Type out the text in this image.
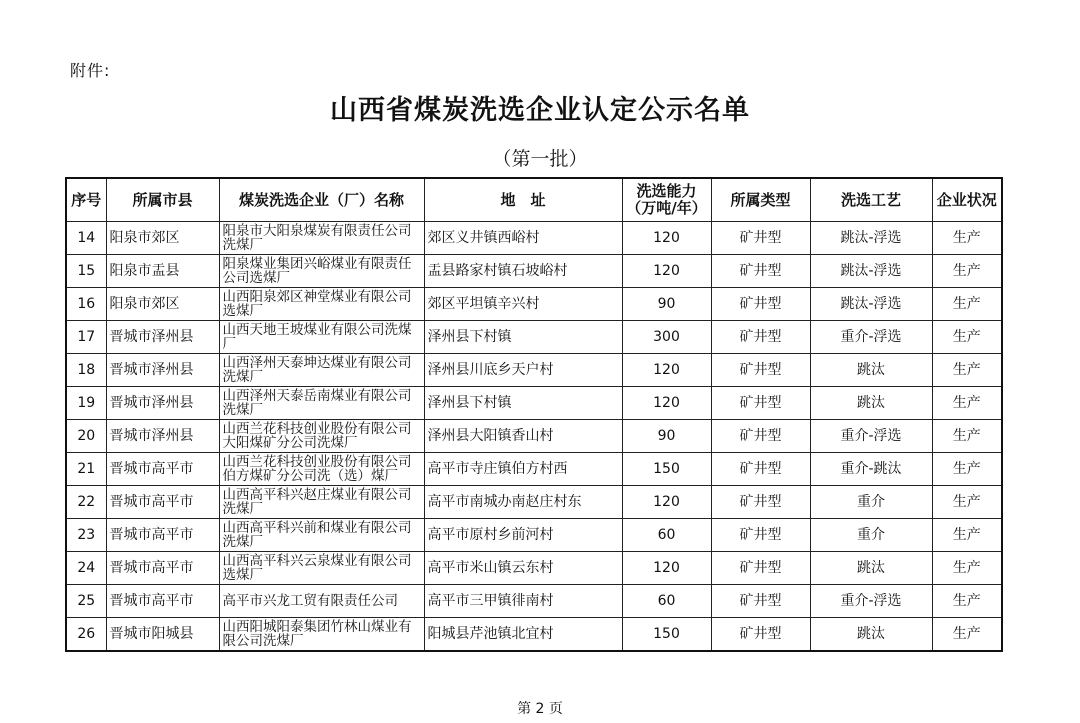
附件:
山西省煤炭洗选企业认定公示名单
（第一批）
序号	所属市县	煤炭洗选企业（厂）名称	地　址	洗选能力
（万吨/年）	所属类型	洗选工艺	企业状况
14	阳泉市郊区	阳泉市大阳泉煤炭有限责任公司洗煤厂	郊区义井镇西峪村	120	矿井型	跳汰-浮选	生产
15	阳泉市盂县	阳泉煤业集团兴峪煤业有限责任公司选煤厂	盂县路家村镇石坡峪村	120	矿井型	跳汰-浮选	生产
16	阳泉市郊区	山西阳泉郊区神堂煤业有限公司选煤厂	郊区平坦镇辛兴村	90	矿井型	跳汰-浮选	生产
17	晋城市泽州县	山西天地王坡煤业有限公司洗煤厂	泽州县下村镇	300	矿井型	重介-浮选	生产
18	晋城市泽州县	山西泽州天泰坤达煤业有限公司洗煤厂	泽州县川底乡天户村	120	矿井型	跳汰	生产
19	晋城市泽州县	山西泽州天泰岳南煤业有限公司洗煤厂	泽州县下村镇	120	矿井型	跳汰	生产
20	晋城市泽州县	山西兰花科技创业股份有限公司大阳煤矿分公司洗煤厂	泽州县大阳镇香山村	90	矿井型	重介-浮选	生产
21	晋城市高平市	山西兰花科技创业股份有限公司伯方煤矿分公司洗（选）煤厂	高平市寺庄镇伯方村西	150	矿井型	重介-跳汰	生产
22	晋城市高平市	山西高平科兴赵庄煤业有限公司洗煤厂	高平市南城办南赵庄村东	120	矿井型	重介	生产
23	晋城市高平市	山西高平科兴前和煤业有限公司洗煤厂	高平市原村乡前河村	60	矿井型	重介	生产
24	晋城市高平市	山西高平科兴云泉煤业有限公司选煤厂	高平市米山镇云东村	120	矿井型	跳汰	生产
25	晋城市高平市	高平市兴龙工贸有限责任公司	高平市三甲镇徘南村	60	矿井型	重介-浮选	生产
26	晋城市阳城县	山西阳城阳泰集团竹林山煤业有限公司洗煤厂	阳城县芹池镇北宜村	150	矿井型	跳汰	生产
第 2 页
